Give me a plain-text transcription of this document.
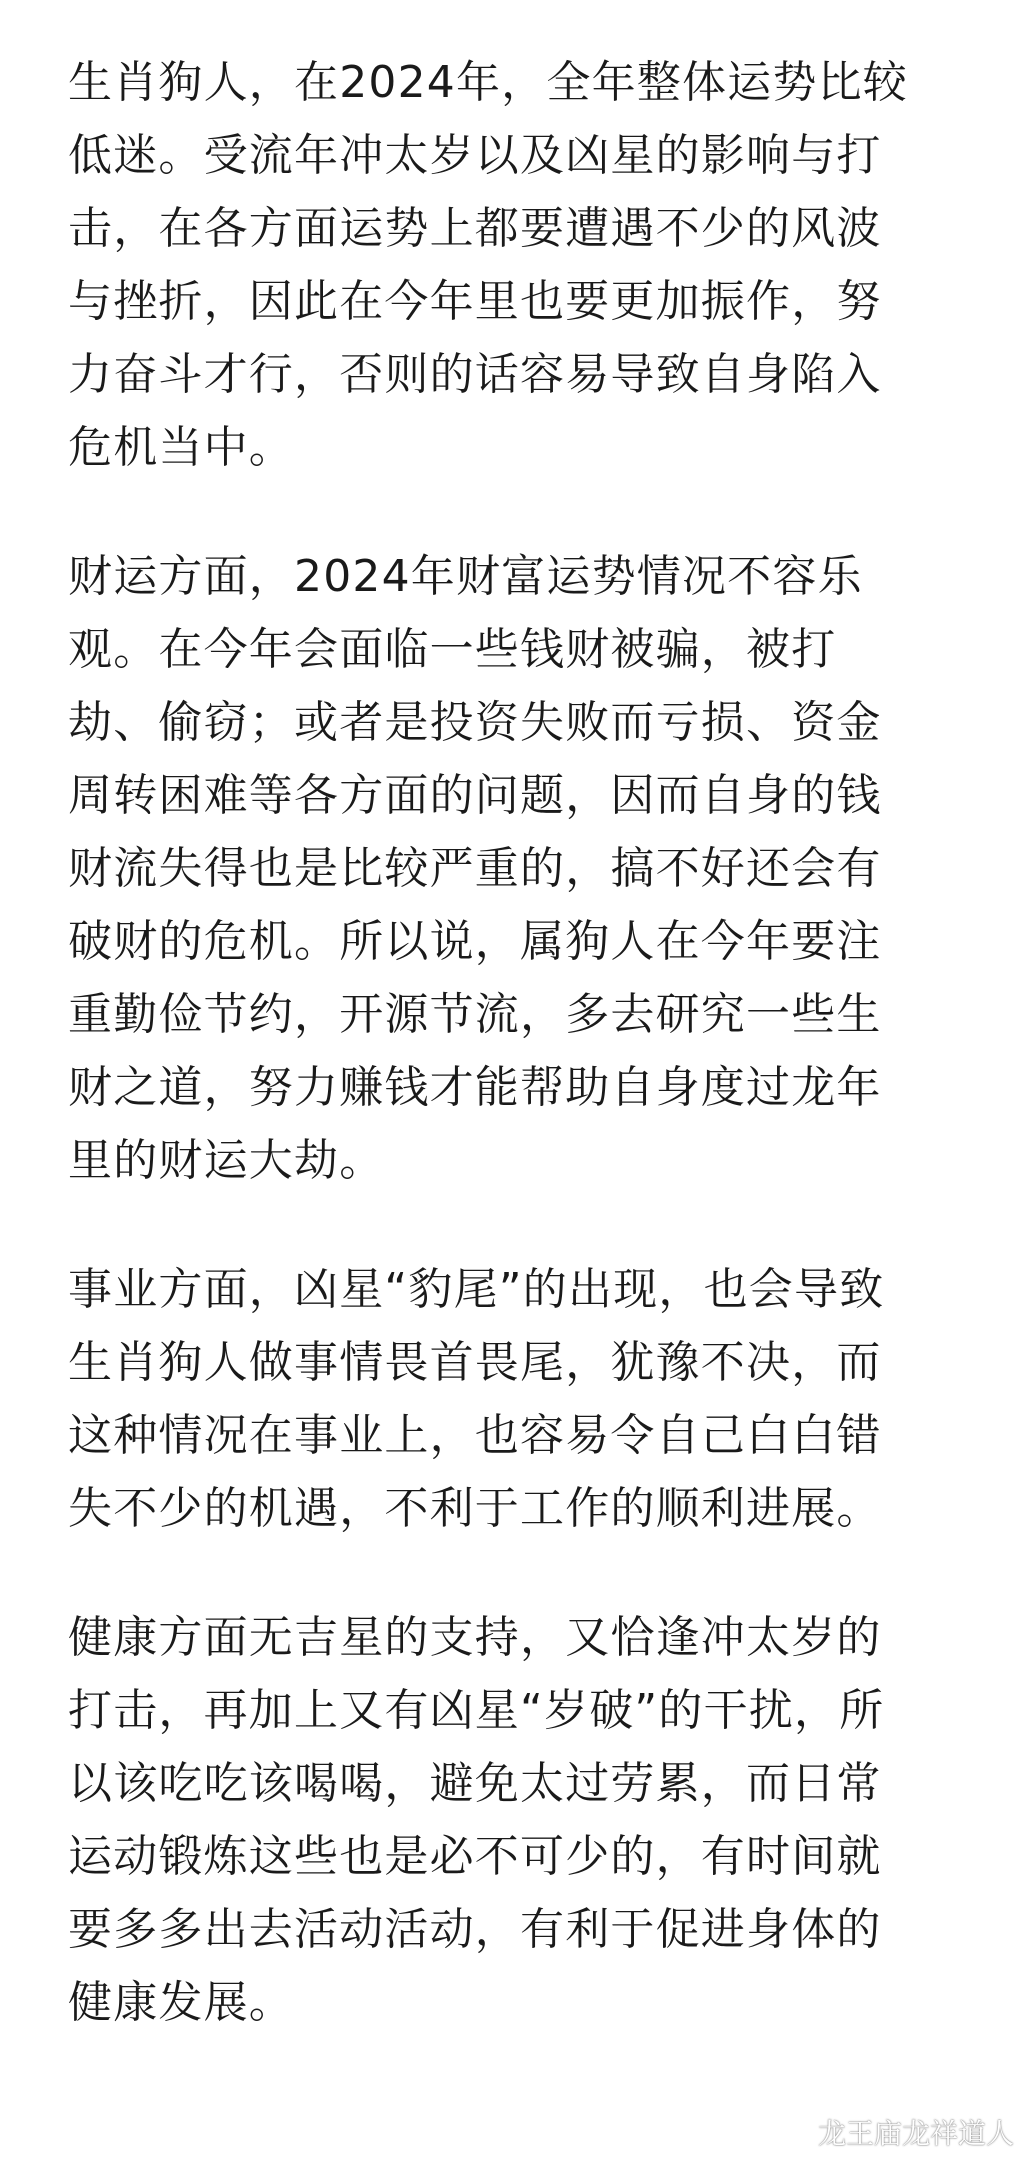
生肖狗人，在2024年，全年整体运势比较
低迷。受流年冲太岁以及凶星的影响与打
击，在各方面运势上都要遭遇不少的风波
与挫折，因此在今年里也要更加振作，努
力奋斗才行，否则的话容易导致自身陷入
危机当中。
财运方面，2024年财富运势情况不容乐
观。在今年会面临一些钱财被骗，被打
劫、偷窃；或者是投资失败而亏损、资金
周转困难等各方面的问题，因而自身的钱
财流失得也是比较严重的，搞不好还会有
破财的危机。所以说，属狗人在今年要注
重勤俭节约，开源节流，多去研究一些生
财之道，努力赚钱才能帮助自身度过龙年
里的财运大劫。
事业方面，凶星“豹尾”的出现，也会导致
生肖狗人做事情畏首畏尾，犹豫不决，而
这种情况在事业上，也容易令自己白白错
失不少的机遇，不利于工作的顺利进展。
健康方面无吉星的支持，又恰逢冲太岁的
打击，再加上又有凶星“岁破”的干扰，所
以该吃吃该喝喝，避免太过劳累，而日常
运动锻炼这些也是必不可少的，有时间就
要多多出去活动活动，有利于促进身体的
健康发展。
龙王庙龙祥道人
